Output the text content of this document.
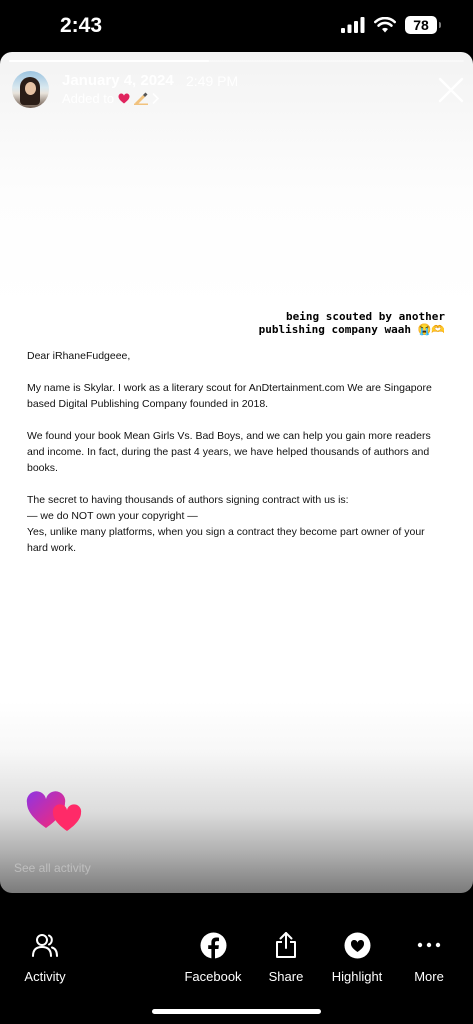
2:43	78
January 4, 2024 2:49 PM
Added to
being scouted by another
publishing company waah 😭🫶

Dear iRhaneFudgeee,

My name is Skylar. I work as a literary scout for AnDtertainment.com We are Singapore based Digital Publishing Company founded in 2018.

We found your book Mean Girls Vs. Bad Boys, and we can help you gain more readers and income. In fact, during the past 4 years, we have helped thousands of authors and books.

The secret to having thousands of authors signing contract with us is:

— we do NOT own your copyright —

Yes, unlike many platforms, when you sign a contract they become part owner of your hard work.

See all activity
Activity	Facebook Share Highlight More
